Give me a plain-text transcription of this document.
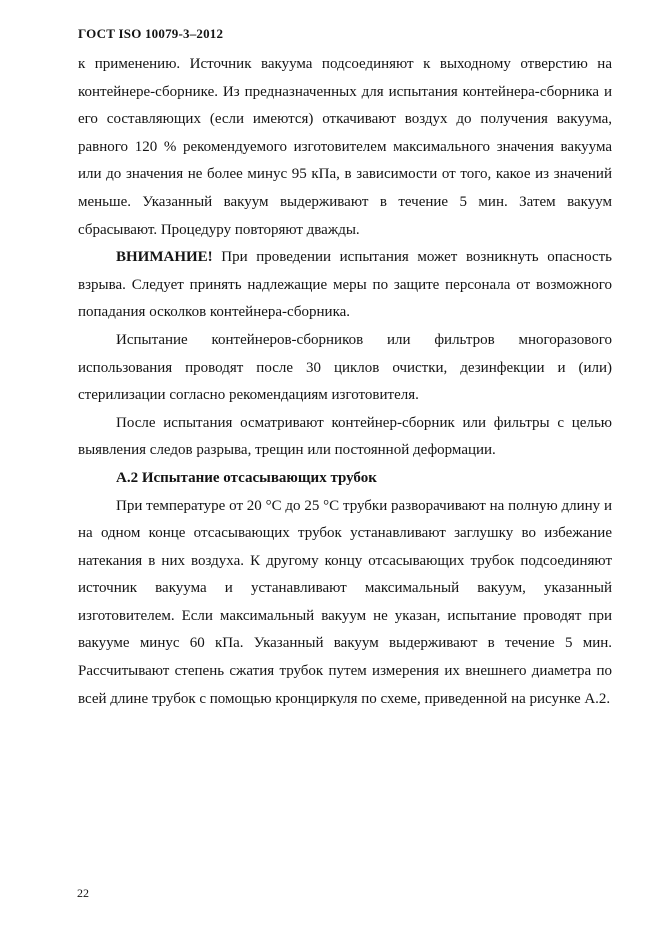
ГОСТ ISO 10079-3–2012

к применению. Источник вакуума подсоединяют к выходному отверстию на контейнере-сборнике. Из предназначенных для испытания контейнера-сборника и его составляющих (если имеются) откачивают воздух до получения вакуума, равного 120 % рекомендуемого изготовителем максимального значения вакуума или до значения не более минус 95 кПа, в зависимости от того, какое из значений меньше. Указанный вакуум выдерживают в течение 5 мин. Затем вакуум сбрасывают. Процедуру повторяют дважды.

ВНИМАНИЕ! При проведении испытания может возникнуть опасность взрыва. Следует принять надлежащие меры по защите персонала от возможного попадания осколков контейнера-сборника.

Испытание контейнеров-сборников или фильтров многоразового использования проводят после 30 циклов очистки, дезинфекции и (или) стерилизации согласно рекомендациям изготовителя.

После испытания осматривают контейнер-сборник или фильтры с целью выявления следов разрыва, трещин или постоянной деформации.

А.2 Испытание отсасывающих трубок

При температуре от 20 °С до 25 °С трубки разворачивают на полную длину и на одном конце отсасывающих трубок устанавливают заглушку во избежание натекания в них воздуха. К другому концу отсасывающих трубок подсоединяют источник вакуума и устанавливают максимальный вакуум, указанный изготовителем. Если максимальный вакуум не указан, испытание проводят при вакууме минус 60 кПа. Указанный вакуум выдерживают в течение 5 мин. Рассчитывают степень сжатия трубок путем измерения их внешнего диаметра по всей длине трубок с помощью кронциркуля по схеме, приведенной на рисунке А.2.

22
